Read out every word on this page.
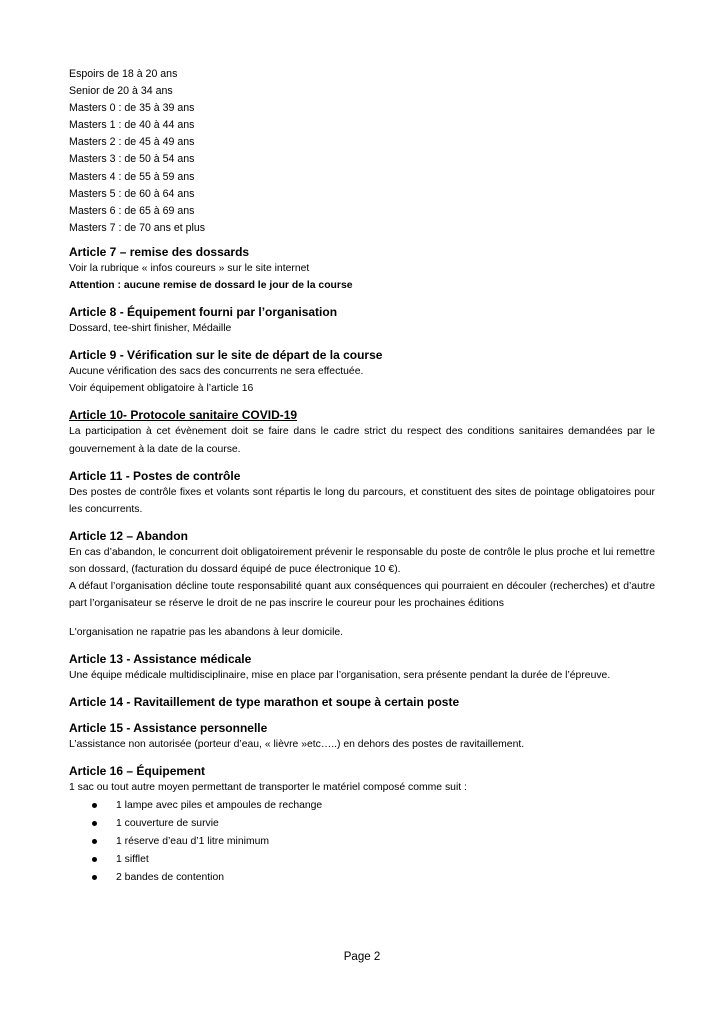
Espoirs de 18 à 20 ans
Senior de 20 à 34 ans
Masters 0 : de 35 à 39 ans
Masters 1 : de 40 à 44 ans
Masters 2 : de 45 à 49 ans
Masters 3 : de 50 à 54 ans
Masters 4 : de 55 à 59 ans
Masters 5 : de 60 à 64 ans
Masters 6 : de 65 à 69 ans
Masters 7 : de 70 ans et plus

Article 7 – remise des dossards

Voir la rubrique « infos coureurs » sur le site internet

Attention : aucune remise de dossard le jour de la course

Article 8 - Équipement fourni par l’organisation

Dossard, tee-shirt finisher, Médaille

Article 9 - Vérification sur le site de départ de la course

Aucune vérification des sacs des concurrents ne sera effectuée.

Voir équipement obligatoire à l’article 16

Article 10- Protocole sanitaire COVID-19

La participation à cet évènement doit se faire dans le cadre strict du respect des conditions sanitaires demandées par le gouvernement à la date de la course.

Article 11 - Postes de contrôle

Des postes de contrôle fixes et volants sont répartis le long du parcours, et constituent des sites de pointage obligatoires pour les concurrents.

Article 12 – Abandon

En cas d’abandon, le concurrent doit obligatoirement prévenir le responsable du poste de contrôle le plus proche et lui remettre son dossard, (facturation du dossard équipé de puce électronique 10 €).

A défaut l’organisation décline toute responsabilité quant aux conséquences qui pourraient en découler (recherches) et d’autre part l’organisateur se réserve le droit de ne pas inscrire le coureur pour les prochaines éditions

L'organisation ne rapatrie pas les abandons à leur domicile.

Article 13 - Assistance médicale

Une équipe médicale multidisciplinaire, mise en place par l’organisation, sera présente pendant la durée de l’épreuve.

Article 14 - Ravitaillement de type marathon et soupe à certain poste

Article 15 - Assistance personnelle

L’assistance non autorisée (porteur d’eau, « lièvre »etc…..) en dehors des postes de ravitaillement.

Article 16 – Équipement

1 sac ou tout autre moyen permettant de transporter le matériel composé comme suit :

1 lampe avec piles et ampoules de rechange
1 couverture de survie
1 réserve d’eau d’1 litre minimum
1 sifflet
2 bandes de contention
Page 2
